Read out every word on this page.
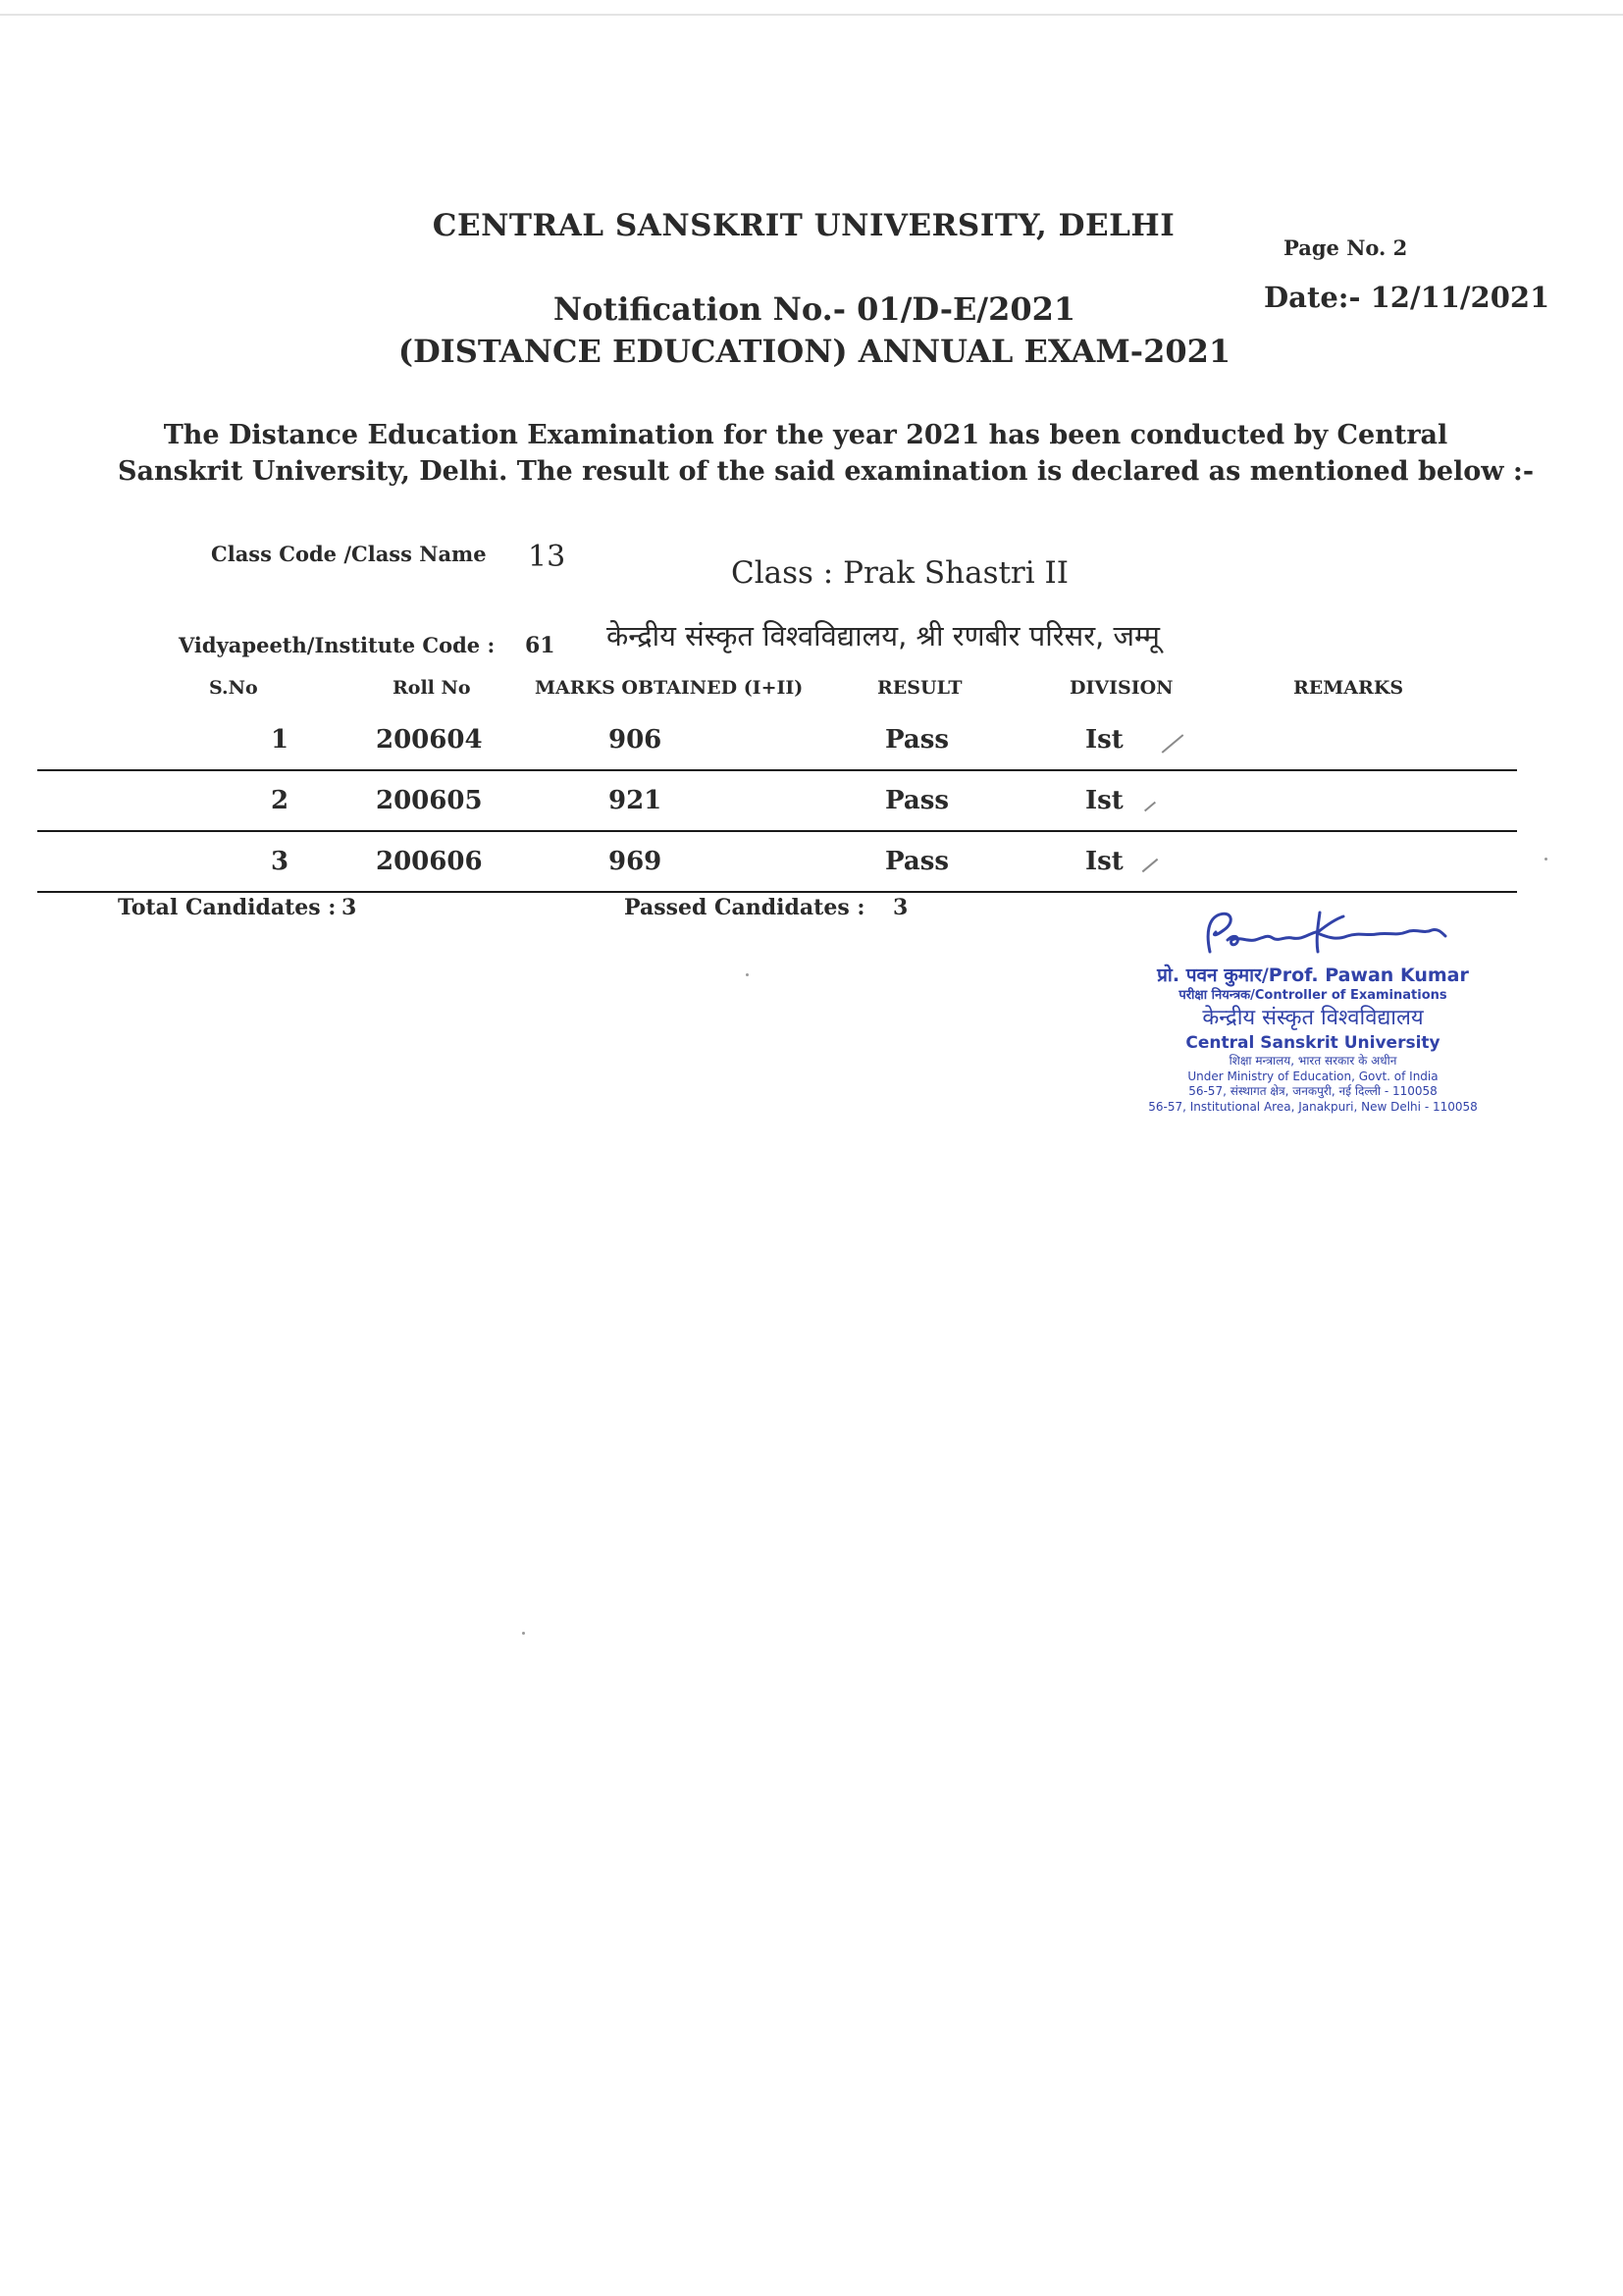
CENTRAL SANSKRIT UNIVERSITY, DELHI
Page No. 2
Notification No.- 01/D-E/2021	Date:- 12/11/2021
(DISTANCE EDUCATION) ANNUAL EXAM-2021
The Distance Education Examination for the year 2021 has been conducted by Central
Sanskrit University, Delhi. The result of the said examination is declared as mentioned below :-
Class Code /Class Name 13	Class : Prak Shastri II
Vidyapeeth/Institute Code : 61 केन्द्रीय संस्कृत विश्वविद्यालय, श्री रणबीर परिसर, जम्मू
S.No	Roll No	MARKS OBTAINED (I+II)	RESULT	DIVISION	REMARKS
1	200604	906	Pass	Ist
2	200605	921	Pass	Ist
3	200606	969	Pass	Ist
Total Candidates : 3	Passed Candidates : 3
प्रो. पवन कुमार/Prof. Pawan Kumar
परीक्षा नियन्त्रक/Controller of Examinations
केन्द्रीय संस्कृत विश्वविद्यालय
Central Sanskrit University
शिक्षा मन्त्रालय, भारत सरकार के अधीन
Under Ministry of Education, Govt. of India
56-57, संस्थागत क्षेत्र, जनकपुरी, नई दिल्ली - 110058
56-57, Institutional Area, Janakpuri, New Delhi - 110058
